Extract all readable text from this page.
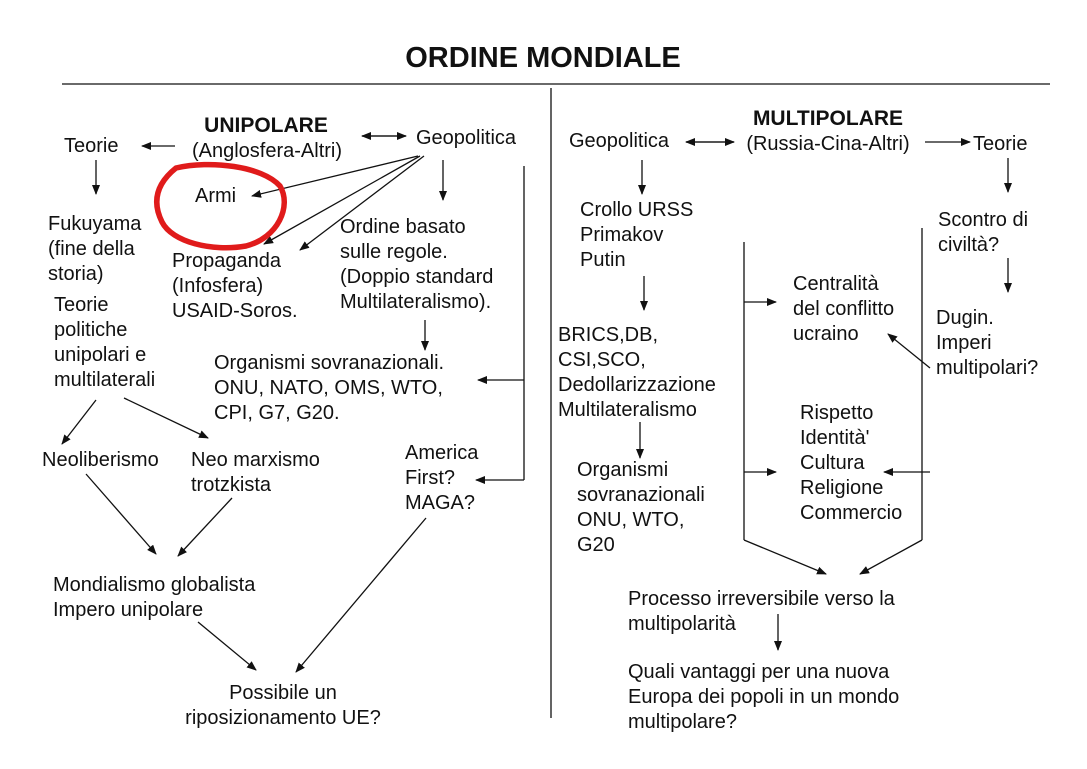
ORDINE MONDIALE
UNIPOLARE
(Anglosfera-Altri)
Teorie	Geopolitica
Armi
Fukuyama
(fine della
storia)
Teorie
politiche
unipolari e
multilaterali
Propaganda
(Infosfera)
USAID-Soros.
Ordine basato
sulle regole.
(Doppio standard
Multilateralismo).
Organismi sovranazionali.
ONU, NATO, OMS, WTO,
CPI, G7, G20.
Neoliberismo Neo marxismo
trotzkista
America
First?
MAGA?
Mondialismo globalista
Impero unipolare
Possibile un
riposizionamento UE?
MULTIPOLARE
(Russia-Cina-Altri)
Geopolitica	Teorie
Crollo URSS
Primakov
Putin
Scontro di
civiltà?
Centralità
del conflitto
ucraino
Dugin.
Imperi
multipolari?
BRICS,DB,
CSI,SCO,
Dedollarizzazione
Multilateralismo	Rispetto
Identità'
Cultura
Religione
Commercio
Organismi
sovranazionali
ONU, WTO,
G20
Processo irreversibile verso la
multipolarità
Quali vantaggi per una nuova
Europa dei popoli in un mondo
multipolare?
